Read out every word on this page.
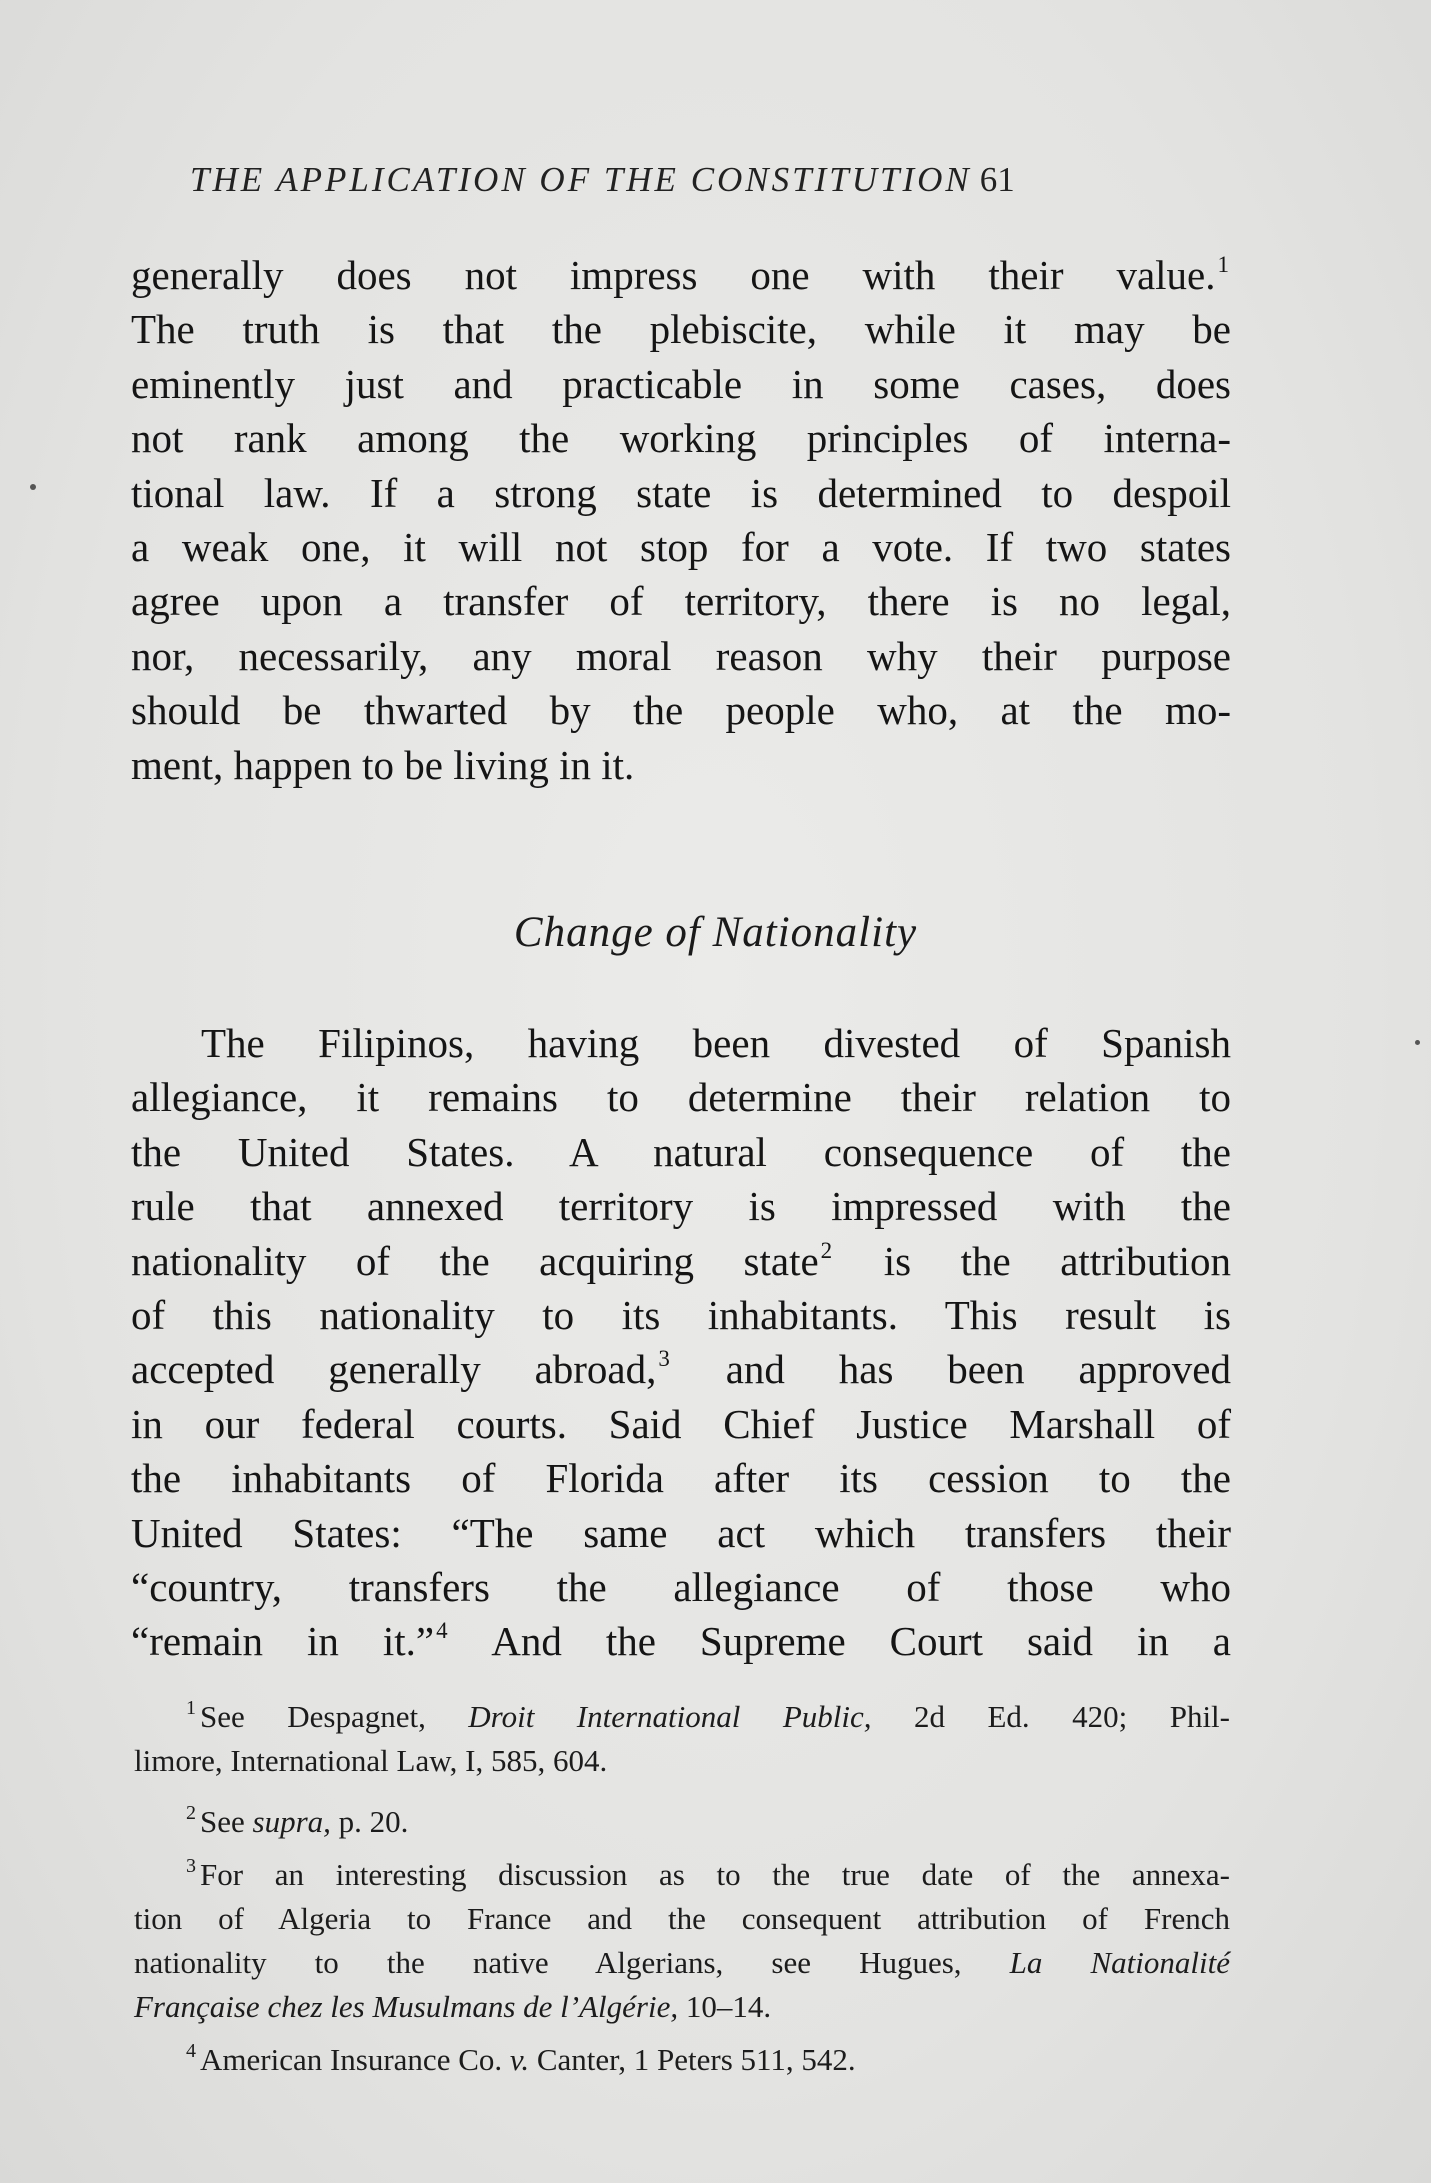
THE APPLICATION OF THE CONSTITUTION 61
generally does not impress one with their value.$^1$
The truth is that the plebiscite, while it may be
eminently just and practicable in some cases, does
not rank among the working principles of interna-
tional law. If a strong state is determined to despoil
a weak one, it will not stop for a vote. If two states
agree upon a transfer of territory, there is no legal,
nor, necessarily, any moral reason why their purpose
should be thwarted by the people who, at the mo-
ment, happen to be living in it.
Change of Nationality
The Filipinos, having been divested of Spanish
allegiance, it remains to determine their relation to
the United States. A natural consequence of the
rule that annexed territory is impressed with the
nationality of the acquiring state$^2$ is the attribution
of this nationality to its inhabitants. This result is
accepted generally abroad,$^3$ and has been approved
in our federal courts. Said Chief Justice Marshall of
the inhabitants of Florida after its cession to the
United States: “The same act which transfers their
“country, transfers the allegiance of those who
“remain in it.”$^4$ And the Supreme Court said in a
$^1$ See Despagnet, Droit International Public, 2d Ed. 420; Phil-
limore, International Law, I, 585, 604.
$^2$ See supra, p. 20.
$^3$ For an interesting discussion as to the true date of the annexa-
tion of Algeria to France and the consequent attribution of French
nationality to the native Algerians, see Hugues, La Nationalité
Française chez les Musulmans de l’Algérie, 10–14.
$^4$ American Insurance Co. v. Canter, 1 Peters 511, 542.
